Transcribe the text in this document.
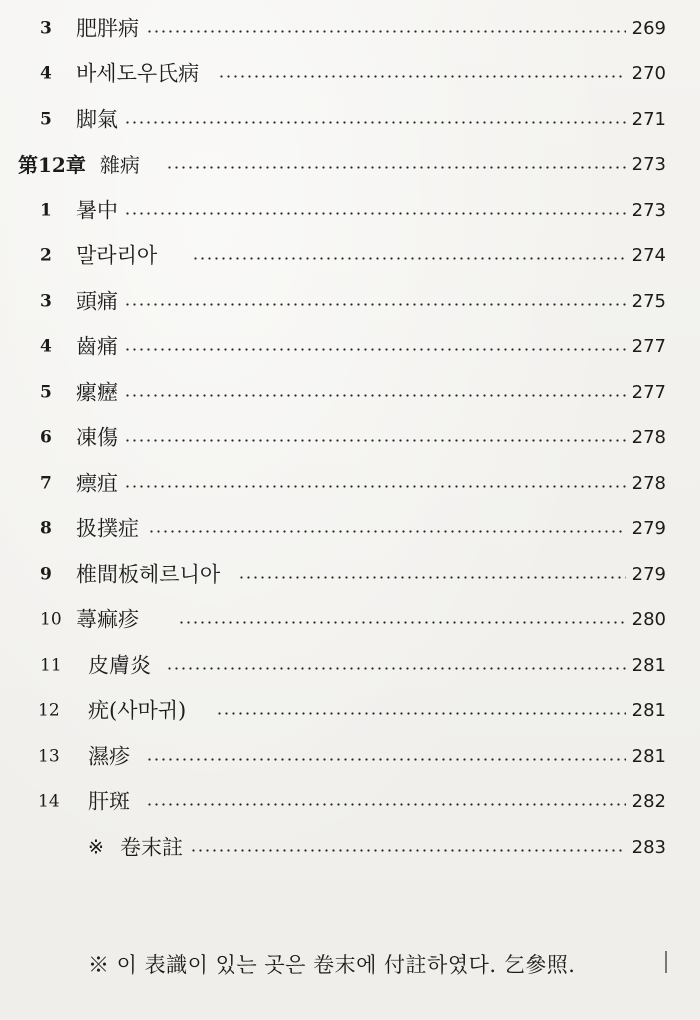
3 肥胖病	269
4 바세도우氏病	270
5 脚氣	271
第12章 雜病	273
1 暑中	273
2 말라리아	274
3 頭痛	275
4 齒痛	277
5 瘰癧	277
6 凍傷	278
7 瘭疽	278
8 扱撲症	279
9 椎間板헤르니아	279
10 蕁痲疹	280
11 皮膚炎	281
12 疣(사마귀)	281
13 濕疹	281
14 肝斑	282
※ 卷末註	283
※ 이 表識이 있는 곳은 卷末에 付註하였다. 乞參照.
